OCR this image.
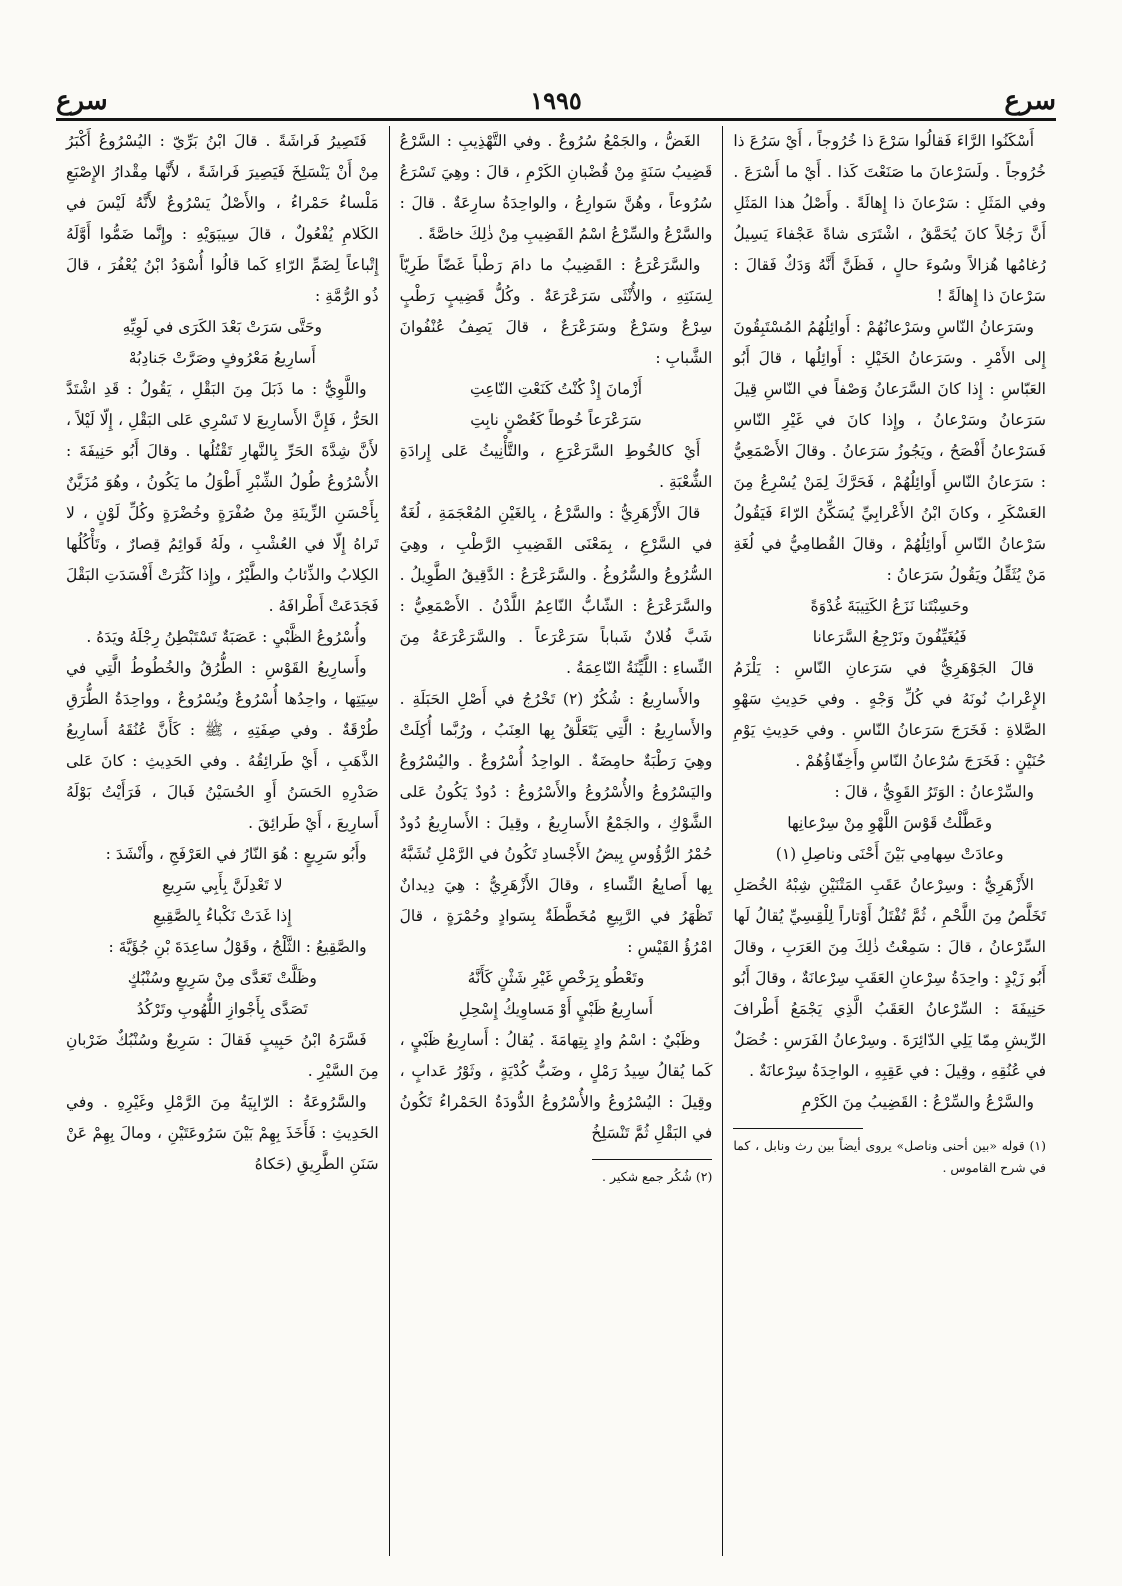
سرع
١٩٩٥
سرع

أَسْكَنُوا الرَّاءَ فَقالُوا سَرْعَ ذا خُرُوجاً ، أَيْ سَرُعَ ذا خُرُوجاً . ولَسَرْعانَ ما صَنَعْتَ كَذا . أَيْ ما أَسْرَعَ . وفي المَثَلِ : سَرْعانَ ذا إِهالَةً . وأَصْلُ هذا المَثَلِ أَنَّ رَجُلاً كانَ يُحَمَّقُ ، اشْتَرَى شاةً عَجْفاءَ يَسِيلُ رُغامُها هُزالاً وسُوءَ حالٍ ، فَظَنَّ أَنَّهُ وَدَكٌ فَقالَ : سَرْعانَ ذا إِهالَةً !

وسَرَعانُ النّاسِ وسَرْعانُهُمْ : أَوائِلُهُمُ المُسْتَبِقُونَ إِلى الأَمْرِ . وسَرَعانُ الخَيْلِ : أَوائِلُها ، قالَ أَبُو العَبّاسِ : إِذا كانَ السَّرَعانُ وَصْفاً في النّاسِ قِيلَ سَرَعانُ وسَرْعانُ ، وإِذا كانَ في غَيْرِ النّاسِ فَسَرْعانُ أَفْصَحُ ، ويَجُوزُ سَرَعانُ . وقالَ الأَصْمَعِيُّ : سَرَعانُ النّاسِ أَوائِلُهُمْ ، فَحَرَّكَ لِمَنْ يُسْرِعُ مِنَ العَسْكَرِ ، وكانَ ابْنُ الأَعْرابِيِّ يُسَكِّنُ الرّاءَ فَيَقُولُ سَرْعانُ النّاسِ أَوائِلُهُمْ ، وقالَ القُطامِيُّ في لُغَةِ مَنْ يُثَقِّلُ ويَقُولُ سَرَعانُ :

وحَسِبْتَنا نَزَعُ الكَتِيبَةَ غُدْوَةً

فَيُغَيِّفُونَ ونَرْجِعُ السَّرَعانا

قالَ الجَوْهَرِيُّ في سَرَعانِ النّاسِ : يَلْزَمُ الإِعْرابُ نُونَهُ في كُلِّ وَجْهٍ . وفي حَدِيثِ سَهْوِ الصَّلاةِ : فَخَرَجَ سَرَعانُ النّاسِ . وفي حَدِيثِ يَوْمِ حُنَيْنٍ : فَخَرَجَ سُرْعانُ النّاسِ وأَخِفّاؤُهُمْ .

والسِّرْعانُ : الوَتَرُ القَوِيُّ ، قالَ :

وعَطَّلْتُ قَوْسَ اللَّهْوِ مِنْ سِرْعانِها

وعادَتْ سِهامِي بَيْنَ أَحْنَى وناصِلِ (١)

الأَزْهَرِيُّ : وسِرْعانُ عَقَبِ المَتْنَيْنِ شِبْهُ الخُصَلِ تَخَلَّصُ مِنَ اللَّحْمِ ، ثُمَّ تُفْتَلُ أَوْتاراً لِلْقِسِيِّ يُقالُ لَها السِّرْعانُ ، قالَ : سَمِعْتُ ذٰلِكَ مِنَ العَرَبِ ، وقالَ أَبُو زَيْدٍ : واحِدَةُ سِرْعانِ العَقَبِ سِرْعانَةٌ ، وقالَ أَبُو حَنِيفَةَ : السِّرْعانُ العَقَبُ الَّذِي يَجْمَعُ أَطْرافَ الرِّيشِ مِمّا يَلِي الدّائِرَةَ . وسِرْعانُ الفَرَسِ : خُصَلٌ في عُنُقِهِ ، وقِيلَ : في عَقِبِهِ ، الواحِدَةُ سِرْعانَةٌ .

والسَّرْعُ والسِّرْعُ : القَضِيبُ مِنَ الكَرْمِ

(١) قوله «بين أحنى وناصل» يروى أيضاً بين رث ونابل ، كما في شرح القاموس .

الغَضُّ ، والجَمْعُ سُرُوعٌ . وفي التَّهْذِيبِ : السَّرْعُ قَضِيبُ سَنَةٍ مِنْ قُضْبانِ الكَرْمِ ، قالَ : وهِيَ تَسْرَعُ سُرُوعاً ، وهُنَّ سَوارِعُ ، والواحِدَةُ سارِعَةٌ . قالَ : والسَّرْعُ والسِّرْعُ اسْمُ القَضِيبِ مِنْ ذٰلِكَ خاصَّةً .

والسَّرَعْرَعُ : القَضِيبُ ما دامَ رَطْباً غَضّاً طَرِيّاً لِسَنَتِهِ ، والأُنْثَى سَرَعْرَعَةٌ . وكُلُّ قَضِيبٍ رَطْبٍ سِرْعٌ وسَرْعٌ وسَرَعْرَعٌ ، قالَ يَصِفُ عُنْفُوانَ الشَّبابِ :

أَزْمانَ إِذْ كُنْتُ كَنَعْتِ النّاعِتِ

سَرَعْرَعاً خُوطاً كَغُصْنٍ نابِتِ

أَيْ كالخُوطِ السَّرَعْرَعِ ، والتَّأْنِيثُ عَلى إِرادَةِ الشُّعْبَةِ .

قالَ الأَزْهَرِيُّ : والسَّرْعُ ، بِالغَيْنِ المُعْجَمَةِ ، لُغَةٌ في السَّرْعِ ، بِمَعْنَى القَضِيبِ الرَّطْبِ ، وهِيَ السُّرُوعُ والسُّرُوغُ . والسَّرَعْرَعُ : الدَّقِيقُ الطَّوِيلُ . والسَّرَعْرَعُ : الشّابُّ النّاعِمُ اللَّدْنُ . الأَصْمَعِيُّ : شَبَّ فُلانٌ شَباباً سَرَعْرَعاً . والسَّرَعْرَعَةُ مِنَ النِّساءِ : اللَّيِّنَةُ النّاعِمَةُ .

والأَسارِيعُ : شُكُرٌ (٢) تَخْرُجُ في أَصْلِ الحَبَلَةِ . والأَسارِيعُ : الَّتِي يَتَعَلَّقُ بِها العِنَبُ ، ورُبَّما أُكِلَتْ وهِيَ رَطْبَةٌ حامِضَةٌ . الواحِدُ أُسْرُوعٌ . واليُسْرُوعُ واليَسْرُوعُ والأُسْرُوعُ والأَسْرُوعُ : دُودٌ يَكُونُ عَلى الشَّوْكِ ، والجَمْعُ الأَسارِيعُ ، وقِيلَ : الأَسارِيعُ دُودٌ حُمْرُ الرُّؤُوسِ بِيضُ الأَجْسادِ تَكُونُ في الرَّمْلِ تُشَبَّهُ بِها أَصابِعُ النِّساءِ ، وقالَ الأَزْهَرِيُّ : هِيَ دِيدانٌ تَظْهَرُ في الرَّبِيعِ مُخَطَّطَةٌ بِسَوادٍ وحُمْرَةٍ ، قالَ امْرُؤُ القَيْسِ :

وتَعْطُو بِرَخْصٍ غَيْرِ شَثْنٍ كَأَنَّهُ

أَسارِيعُ ظَبْيٍ أَوْ مَساوِيكُ إِسْحِلِ

وظَبْيٌ : اسْمُ وادٍ بِتِهامَةَ . يُقالُ : أَسارِيعُ ظَبْيٍ ، كَما يُقالُ سِيدُ رَمْلٍ ، وضَبُّ كُدْيَةٍ ، وثَوْرُ عَدابٍ ، وقِيلَ : اليُسْرُوعُ والأُسْرُوعُ الدُّودَةُ الحَمْراءُ تَكُونُ في البَقْلِ ثُمَّ تَنْسَلِخُ

(٢) شُكُر جمع شكير .

فَتَصِيرُ فَراشَةً . قالَ ابْنُ بَرِّيّ : اليُسْرُوعُ أَكْبَرُ مِنْ أَنْ يَنْسَلِخَ فَيَصِيرَ فَراشَةً ، لأَنَّها مِقْدارُ الإِصْبَعِ مَلْساءُ حَمْراءُ ، والأَصْلُ يَسْرُوعٌ لأَنَّهُ لَيْسَ في الكَلامِ يُفْعُولٌ ، قالَ سِيبَوَيْهِ : وإِنَّما ضَمُّوا أَوَّلَهُ إِتْباعاً لِضَمِّ الرّاءِ كَما قالُوا أُسْوَدُ ابْنُ يُعْفُرَ ، قالَ ذُو الرُّمَّةِ :

وحَتَّى سَرَتْ بَعْدَ الكَرَى في لَوِيِّهِ

أَسارِيعُ مَعْرُوفٍ وصَرَّتْ جَنادِبُهْ

واللَّوِيُّ : ما ذَبَلَ مِنَ البَقْلِ ، يَقُولُ : قَدِ اشْتَدَّ الحَرُّ ، فَإِنَّ الأَسارِيعَ لا تَسْرِي عَلى البَقْلِ ، إِلّا لَيْلاً ، لأَنَّ شِدَّةَ الحَرِّ بِالنَّهارِ تَقْتُلُها . وقالَ أَبُو حَنِيفَةَ : الأُسْرُوعُ طُولُ الشِّبْرِ أَطْوَلُ ما يَكُونُ ، وهُوَ مُزَيَّنٌ بِأَحْسَنِ الزِّينَةِ مِنْ صُفْرَةٍ وخُضْرَةٍ وكُلِّ لَوْنٍ ، لا تَراهُ إِلّا في العُشْبِ ، ولَهُ قَوائِمُ قِصارٌ ، وتَأْكُلُها الكِلابُ والذِّئابُ والطَّيْرُ ، وإِذا كَثُرَتْ أَفْسَدَتِ البَقْلَ فَجَدَعَتْ أَطْرافَهُ .

وأُسْرُوعُ الظَّبْيِ : عَصَبَةٌ تَسْتَبْطِنُ رِجْلَهُ ويَدَهُ .

وأَسارِيعُ القَوْسِ : الطُّرُقُ والخُطُوطُ الَّتِي في سِيَتِها ، واحِدُها أُسْرُوعٌ ويُسْرُوعٌ ، وواحِدَةُ الطُّرَقِ طُرْقَةٌ . وفي صِفَتِهِ ، ﷺ : كَأَنَّ عُنُقَهُ أَسارِيعُ الذَّهَبِ ، أَيْ طَرائِقُهُ . وفي الحَدِيثِ : كانَ عَلى صَدْرِهِ الحَسَنُ أَوِ الحُسَيْنُ فَبالَ ، فَرَأَيْتُ بَوْلَهُ أَسارِيعَ ، أَيْ طَرائِقَ .

وأَبُو سَرِيعٍ : هُوَ النّارُ في العَرْفَجِ ، وأَنْشَدَ :

لا تَعْدِلَنَّ بِأَبِي سَرِيعِ

إِذا غَدَتْ نَكْباءُ بِالصَّقِيعِ

والصَّقِيعُ : الثَّلْجُ ، وقَوْلُ ساعِدَةَ بْنِ جُؤَيَّةَ :

وظَلَّتْ تَعَدَّى مِنْ سَرِيعٍ وسُنْبُكٍ

تَصَدَّى بِأَجْوازِ اللُّهُوبِ وتَرْكُدُ

فَسَّرَهُ ابْنُ حَبِيبٍ فَقالَ : سَرِيعٌ وسُنْبُكٌ ضَرْبانِ مِنَ السَّيْرِ .

والسَّرُوعَةُ : الرّابِيَةُ مِنَ الرَّمْلِ وغَيْرِهِ . وفي الحَدِيثِ : فَأَخَذَ بِهِمْ بَيْنَ سَرُوعَتَيْنِ ، ومالَ بِهِمْ عَنْ سَنَنِ الطَّرِيقِ (حَكاهُ
